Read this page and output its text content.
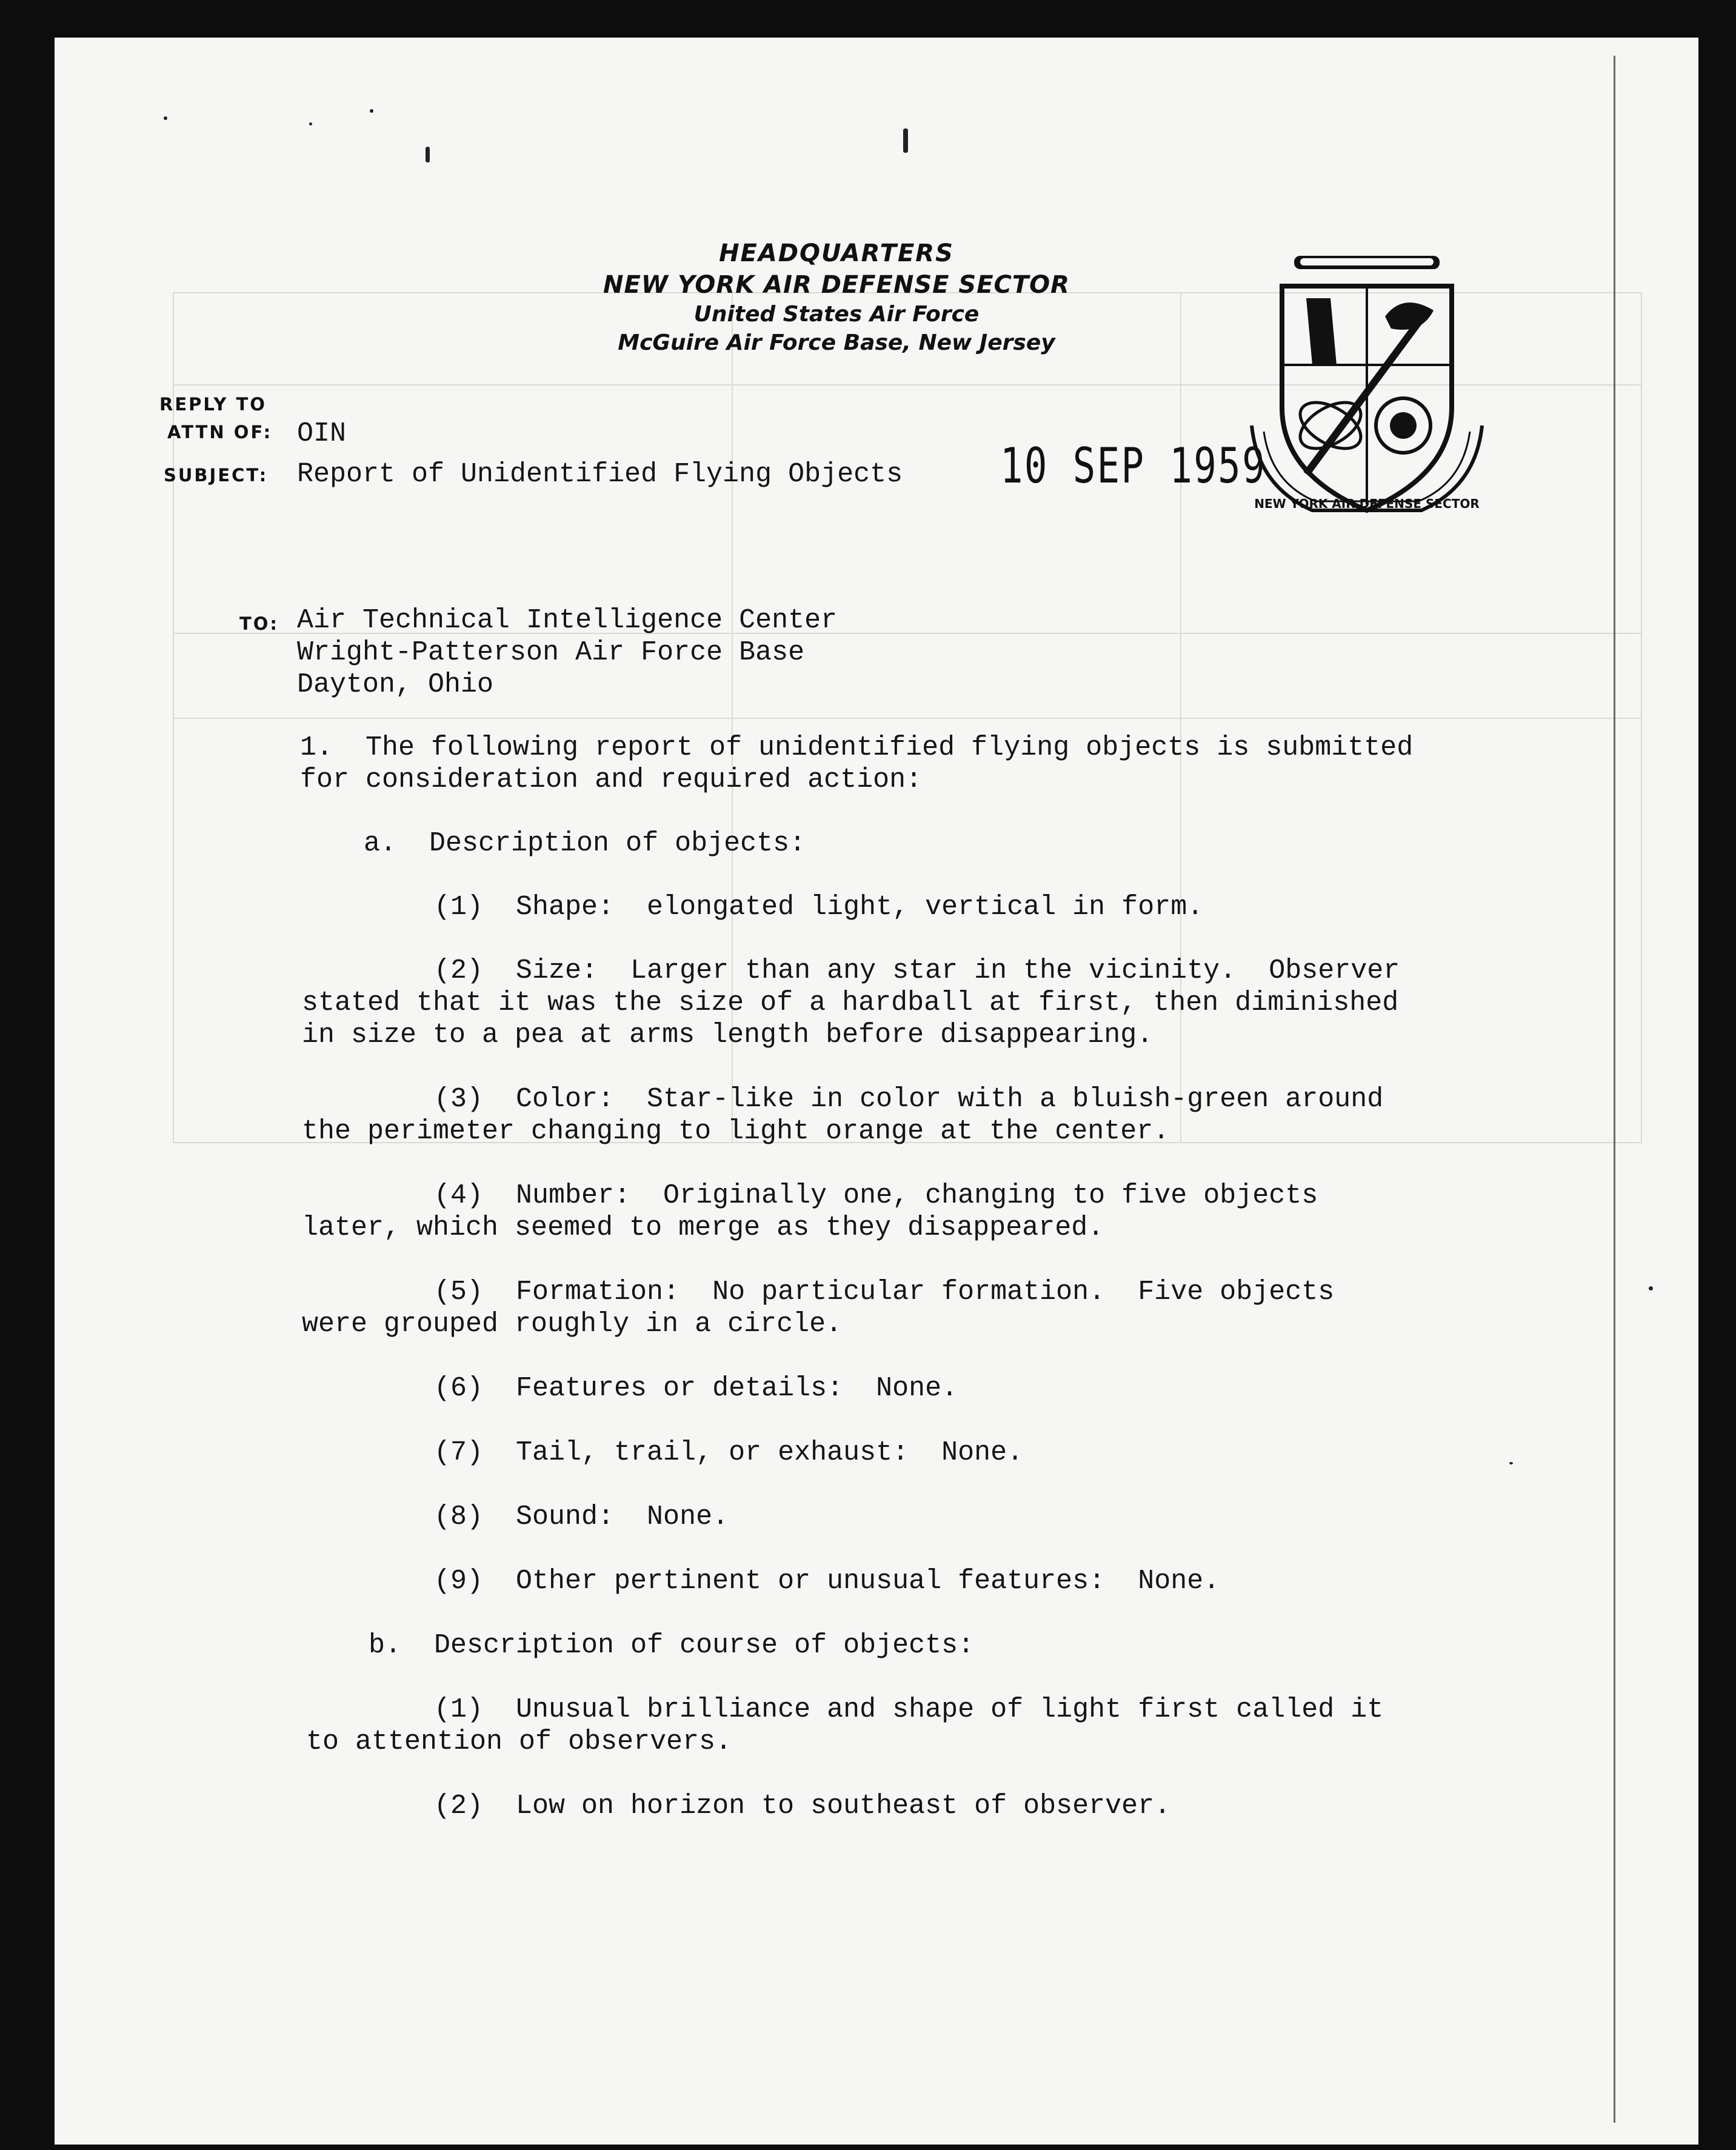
HEADQUARTERS
NEW YORK AIR DEFENSE SECTOR
United States Air Force
McGuire Air Force Base, New Jersey
NEW YORK AIR DEFENSE SECTOR
REPLY TO
ATTN OF: OIN
SUBJECT: Report of Unidentified Flying Objects 10 SEP 1959
TO: Air Technical Intelligence Center
Wright-Patterson Air Force Base
Dayton, Ohio
1.  The following report of unidentified flying objects is submitted
for consideration and required action:
a.  Description of objects:
(1)  Shape:  elongated light, vertical in form.
(2)  Size:  Larger than any star in the vicinity.  Observer
stated that it was the size of a hardball at first, then diminished
in size to a pea at arms length before disappearing.
(3)  Color:  Star-like in color with a bluish-green around
the perimeter changing to light orange at the center.
(4)  Number:  Originally one, changing to five objects
later, which seemed to merge as they disappeared.
(5)  Formation:  No particular formation.  Five objects
were grouped roughly in a circle.
(6)  Features or details:  None.
(7)  Tail, trail, or exhaust:  None.
(8)  Sound:  None.
(9)  Other pertinent or unusual features:  None.
b.  Description of course of objects:
(1)  Unusual brilliance and shape of light first called it
to attention of observers.
(2)  Low on horizon to southeast of observer.
